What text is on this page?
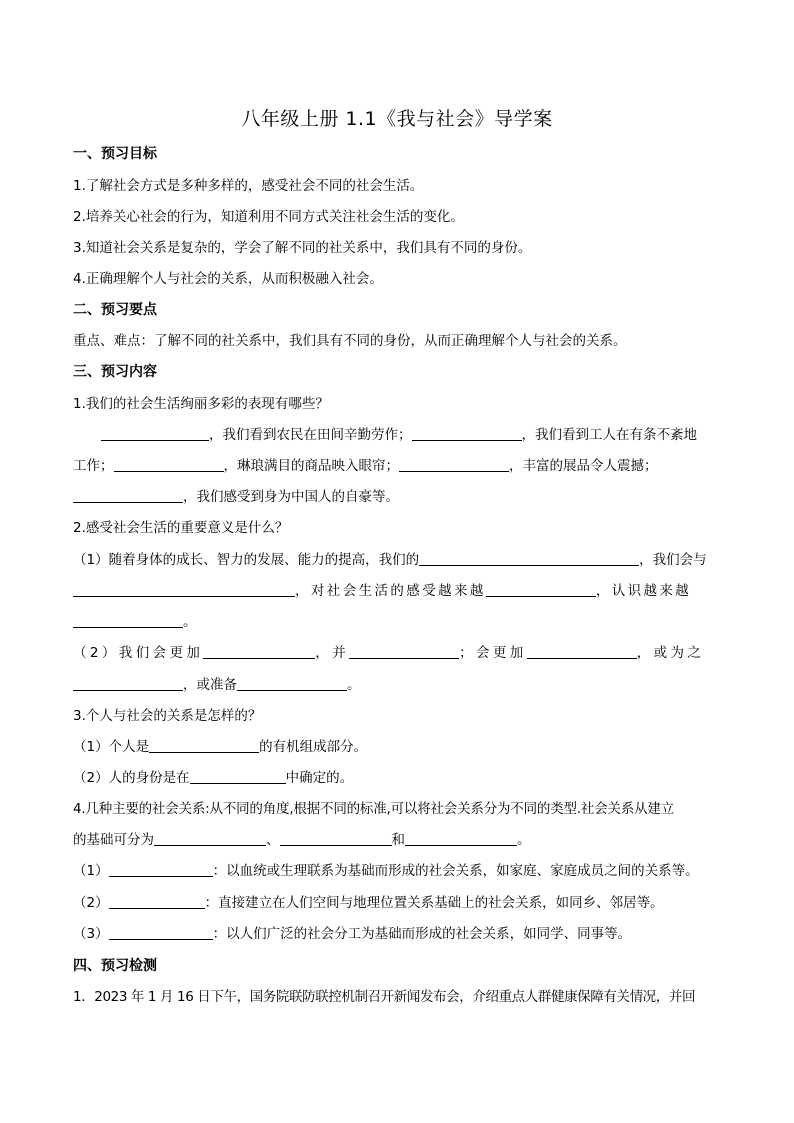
八年级上册 1.1《我与社会》导学案
一、预习目标
1.了解社会方式是多种多样的，感受社会不同的社会生活。
2.培养关心社会的行为，知道利用不同方式关注社会生活的变化。
3.知道社会关系是复杂的，学会了解不同的社关系中，我们具有不同的身份。
4.正确理解个人与社会的关系，从而积极融入社会。
二、预习要点
重点、难点：了解不同的社关系中，我们具有不同的身份，从而正确理解个人与社会的关系。
三、预习内容
1.我们的社会生活绚丽多彩的表现有哪些？
，我们看到农民在田间辛勤劳作；	，我们看到工人在有条不紊地
工作；	，琳琅满目的商品映入眼帘；	，丰富的展品令人震撼；
，我们感受到身为中国人的自豪等。
2.感受社会生活的重要意义是什么？
（1）随着身体的成长、智力的发展、能力的提高，我们的	，我们会与
，对社会生活的感受越来越	，认识越来越
。
（2）我们会更加	，并	；会更加	，或为之
，或准备	。
3.个人与社会的关系是怎样的？
（1）个人是	的有机组成部分。
（2）人的身份是在	中确定的。
4.几种主要的社会关系:从不同的角度,根据不同的标准,可以将社会关系分为不同的类型.社会关系从建立
的基础可分为	、	和	。
（1）	：以血统或生理联系为基础而形成的社会关系，如家庭、家庭成员之间的关系等。
（2）	：直接建立在人们空间与地理位置关系基础上的社会关系，如同乡、邻居等。
（3）	：以人们广泛的社会分工为基础而形成的社会关系，如同学、同事等。
四、预习检测
1．2023 年 1 月 16 日下午，国务院联防联控机制召开新闻发布会，介绍重点人群健康保障有关情况，并回
